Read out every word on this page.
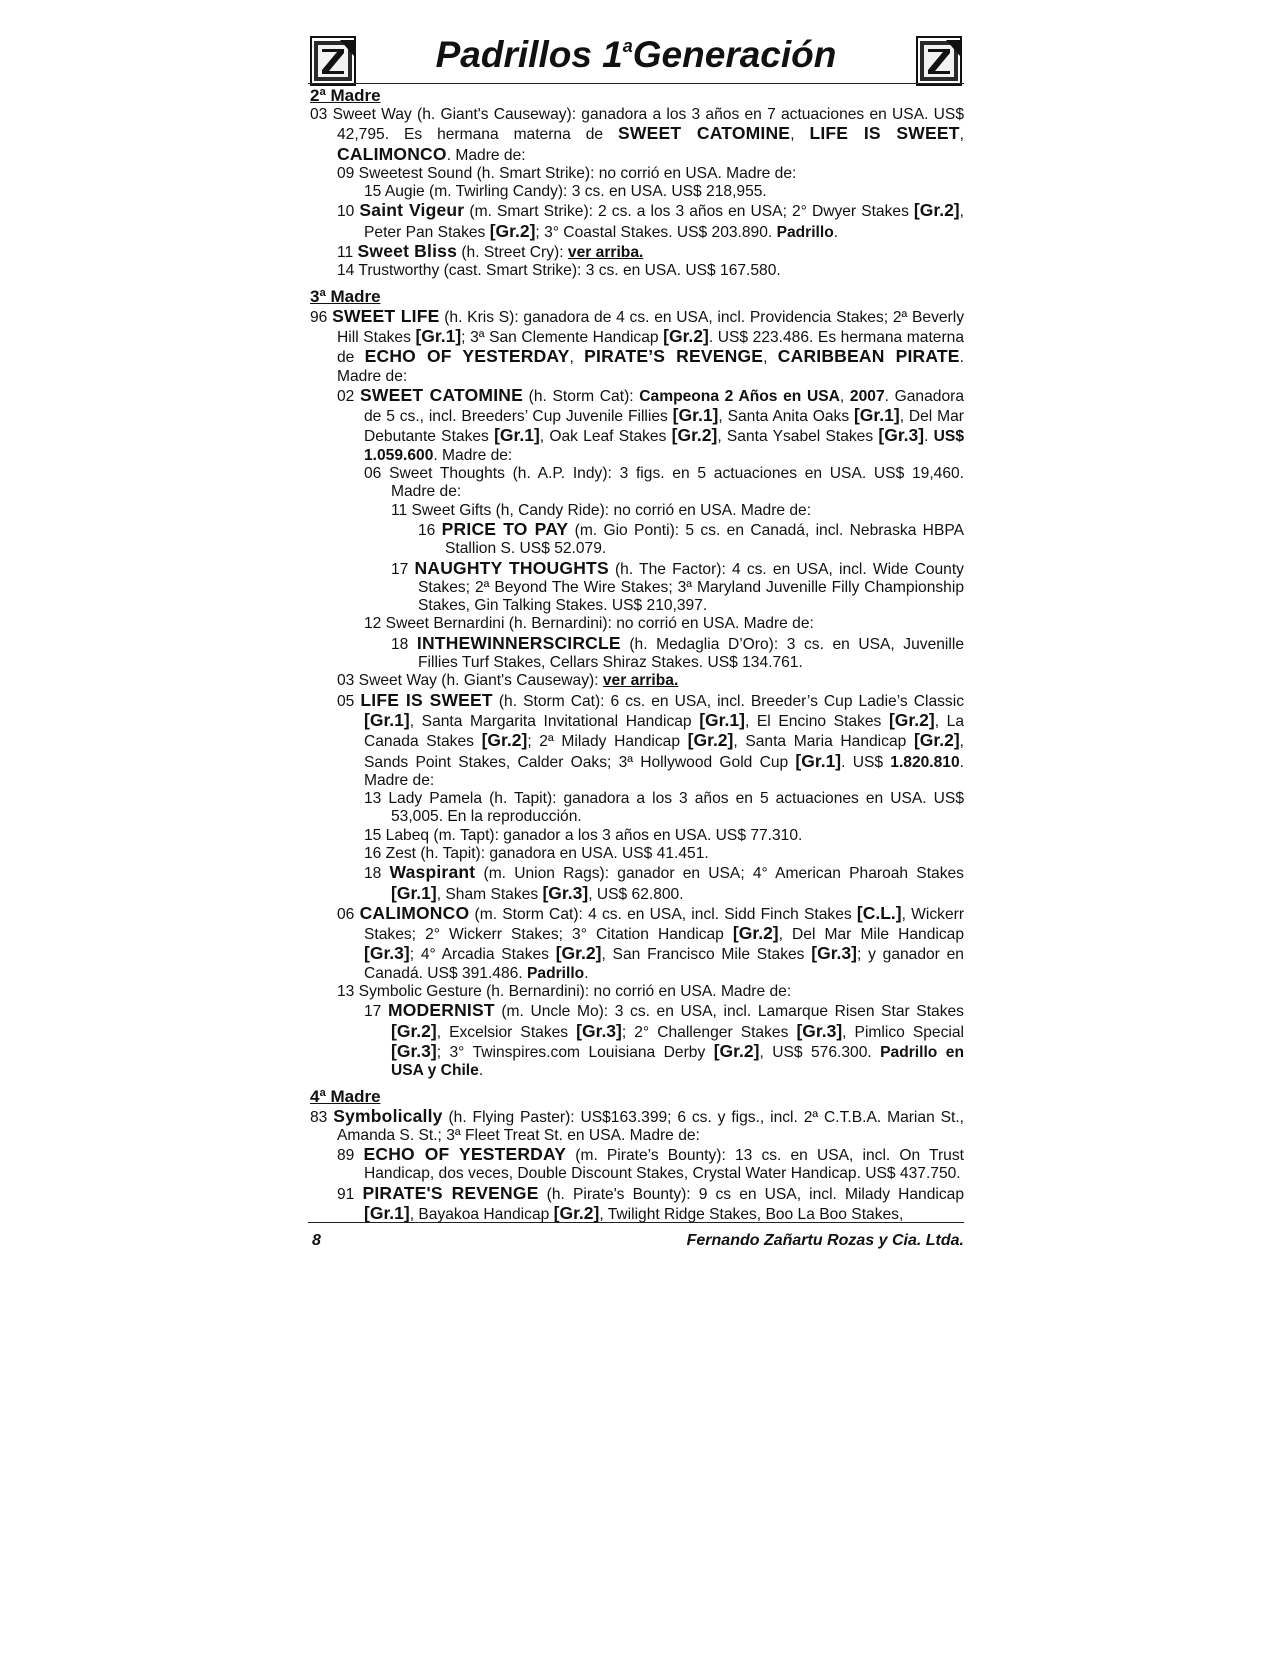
Padrillos 1$^a$Generación
2ª Madre
03 Sweet Way (h. Giant's Causeway): ganadora a los 3 años en 7 actuaciones en USA. US$ 42,795. Es hermana materna de SWEET CATOMINE, LIFE IS SWEET, CALIMONCO. Madre de:
09 Sweetest Sound (h. Smart Strike): no corrió en USA. Madre de:
15 Augie (m. Twirling Candy): 3 cs. en USA. US$ 218,955.
10 Saint Vigeur (m. Smart Strike): 2 cs. a los 3 años en USA; 2° Dwyer Stakes [Gr.2], Peter Pan Stakes [Gr.2]; 3° Coastal Stakes. US$ 203.890. Padrillo.
11 Sweet Bliss (h. Street Cry): ver arriba.
14 Trustworthy (cast. Smart Strike): 3 cs. en USA. US$ 167.580.
3ª Madre
96 SWEET LIFE (h. Kris S): ganadora de 4 cs. en USA, incl. Providencia Stakes; 2ª Beverly Hill Stakes [Gr.1]; 3ª San Clemente Handicap [Gr.2]. US$ 223.486. Es hermana materna de ECHO OF YESTERDAY, PIRATE’S REVENGE, CARIBBEAN PIRATE. Madre de:
02 SWEET CATOMINE (h. Storm Cat): Campeona 2 Años en USA, 2007. Ganadora de 5 cs., incl. Breeders’ Cup Juvenile Fillies [Gr.1], Santa Anita Oaks [Gr.1], Del Mar Debutante Stakes [Gr.1], Oak Leaf Stakes [Gr.2], Santa Ysabel Stakes [Gr.3]. US$ 1.059.600. Madre de:
06 Sweet Thoughts (h. A.P. Indy): 3 figs. en 5 actuaciones en USA. US$ 19,460. Madre de:
11 Sweet Gifts (h, Candy Ride): no corrió en USA. Madre de:
16 PRICE TO PAY (m. Gio Ponti): 5 cs. en Canadá, incl. Nebraska HBPA Stallion S. US$ 52.079.
17 NAUGHTY THOUGHTS (h. The Factor): 4 cs. en USA, incl. Wide County Stakes; 2ª Beyond The Wire Stakes; 3ª Maryland Juvenille Filly Championship Stakes, Gin Talking Stakes. US$ 210,397.
12 Sweet Bernardini (h. Bernardini): no corrió en USA. Madre de:
18 INTHEWINNERSCIRCLE (h. Medaglia D’Oro): 3 cs. en USA, Juvenille Fillies Turf Stakes, Cellars Shiraz Stakes. US$ 134.761.
03 Sweet Way (h. Giant's Causeway): ver arriba.
05 LIFE IS SWEET (h. Storm Cat): 6 cs. en USA, incl. Breeder’s Cup Ladie’s Classic [Gr.1], Santa Margarita Invitational Handicap [Gr.1], El Encino Stakes [Gr.2], La Canada Stakes [Gr.2]; 2ª Milady Handicap [Gr.2], Santa Maria Handicap [Gr.2], Sands Point Stakes, Calder Oaks; 3ª Hollywood Gold Cup [Gr.1]. US$ 1.820.810. Madre de:
13 Lady Pamela (h. Tapit): ganadora a los 3 años en 5 actuaciones en USA. US$ 53,005. En la reproducción.
15 Labeq (m. Tapt): ganador a los 3 años en USA. US$ 77.310.
16 Zest (h. Tapit): ganadora en USA. US$ 41.451.
18 Waspirant (m. Union Rags): ganador en USA; 4° American Pharoah Stakes [Gr.1], Sham Stakes [Gr.3], US$ 62.800.
06 CALIMONCO (m. Storm Cat): 4 cs. en USA, incl. Sidd Finch Stakes [C.L.], Wickerr Stakes; 2° Wickerr Stakes; 3° Citation Handicap [Gr.2], Del Mar Mile Handicap [Gr.3]; 4° Arcadia Stakes [Gr.2], San Francisco Mile Stakes [Gr.3]; y ganador en Canadá. US$ 391.486. Padrillo.
13 Symbolic Gesture (h. Bernardini): no corrió en USA. Madre de:
17 MODERNIST (m. Uncle Mo): 3 cs. en USA, incl. Lamarque Risen Star Stakes [Gr.2], Excelsior Stakes [Gr.3]; 2° Challenger Stakes [Gr.3], Pimlico Special [Gr.3]; 3° Twinspires.com Louisiana Derby [Gr.2], US$ 576.300. Padrillo en USA y Chile.
4ª Madre
83 Symbolically (h. Flying Paster): US$163.399; 6 cs. y figs., incl. 2ª C.T.B.A. Marian St., Amanda S. St.; 3ª Fleet Treat St. en USA. Madre de:
89 ECHO OF YESTERDAY (m. Pirate’s Bounty): 13 cs. en USA, incl. On Trust Handicap, dos veces, Double Discount Stakes, Crystal Water Handicap. US$ 437.750.
91 PIRATE'S REVENGE (h. Pirate's Bounty): 9 cs en USA, incl. Milady Handicap [Gr.1], Bayakoa Handicap [Gr.2], Twilight Ridge Stakes, Boo La Boo Stakes,
8	Fernando Zañartu Rozas y Cia. Ltda.
